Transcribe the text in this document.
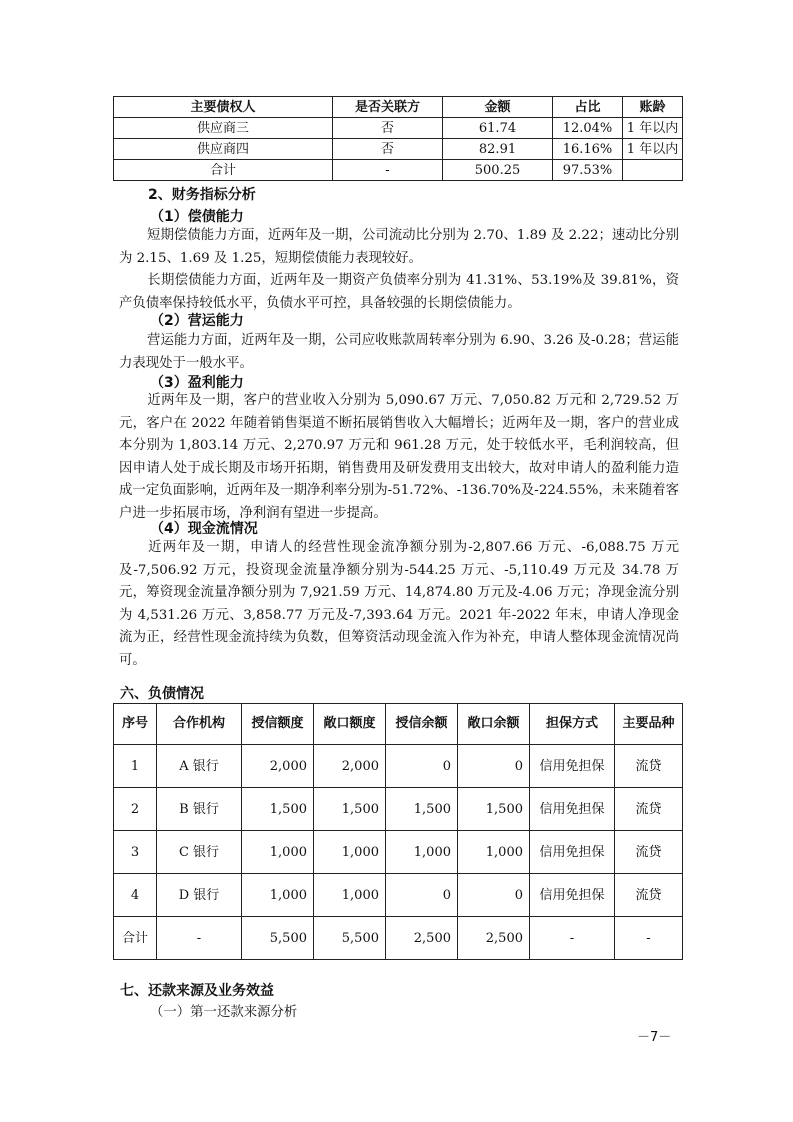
主要债权人	是否关联方	金额	占比	账龄
供应商三	否	61.74	12.04%	1 年以内
供应商四	否	82.91	16.16%	1 年以内
合计	-	500.25	97.53%	
2、财务指标分析
（1）偿债能力
短期偿债能力方面，近两年及一期，公司流动比分别为 2.70、1.89 及 2.22；速动比分别为 2.15、1.69 及 1.25，短期偿债能力表现较好。
长期偿债能力方面，近两年及一期资产负债率分别为 41.31%、53.19%及 39.81%，资产负债率保持较低水平，负债水平可控，具备较强的长期偿债能力。
（2）营运能力
营运能力方面，近两年及一期，公司应收账款周转率分别为 6.90、3.26 及-0.28；营运能力表现处于一般水平。
（3）盈利能力
近两年及一期，客户的营业收入分别为 5,090.67 万元、7,050.82 万元和 2,729.52 万元，客户在 2022 年随着销售渠道不断拓展销售收入大幅增长；近两年及一期，客户的营业成本分别为 1,803.14 万元、2,270.97 万元和 961.28 万元，处于较低水平，毛利润较高，但因申请人处于成长期及市场开拓期，销售费用及研发费用支出较大，故对申请人的盈利能力造成一定负面影响，近两年及一期净利率分别为-51.72%、-136.70%及-224.55%，未来随着客户进一步拓展市场，净利润有望进一步提高。
（4）现金流情况
近两年及一期，申请人的经营性现金流净额分别为-2,807.66 万元、-6,088.75 万元及-7,506.92 万元，投资现金流量净额分别为-544.25 万元、-5,110.49 万元及 34.78 万元，筹资现金流量净额分别为 7,921.59 万元、14,874.80 万元及-4.06 万元；净现金流分别为 4,531.26 万元、3,858.77 万元及-7,393.64 万元。2021 年-2022 年末，申请人净现金流为正，经营性现金流持续为负数，但筹资活动现金流入作为补充，申请人整体现金流情况尚可。
六、负债情况
序号	合作机构	授信额度	敞口额度	授信余额	敞口余额	担保方式	主要品种
1	A 银行	2,000	2,000	0	0	信用免担保	流贷
2	B 银行	1,500	1,500	1,500	1,500	信用免担保	流贷
3	C 银行	1,000	1,000	1,000	1,000	信用免担保	流贷
4	D 银行	1,000	1,000	0	0	信用免担保	流贷
合计	-	5,500	5,500	2,500	2,500	-	-
七、还款来源及业务效益
（一）第一还款来源分析
－7－
